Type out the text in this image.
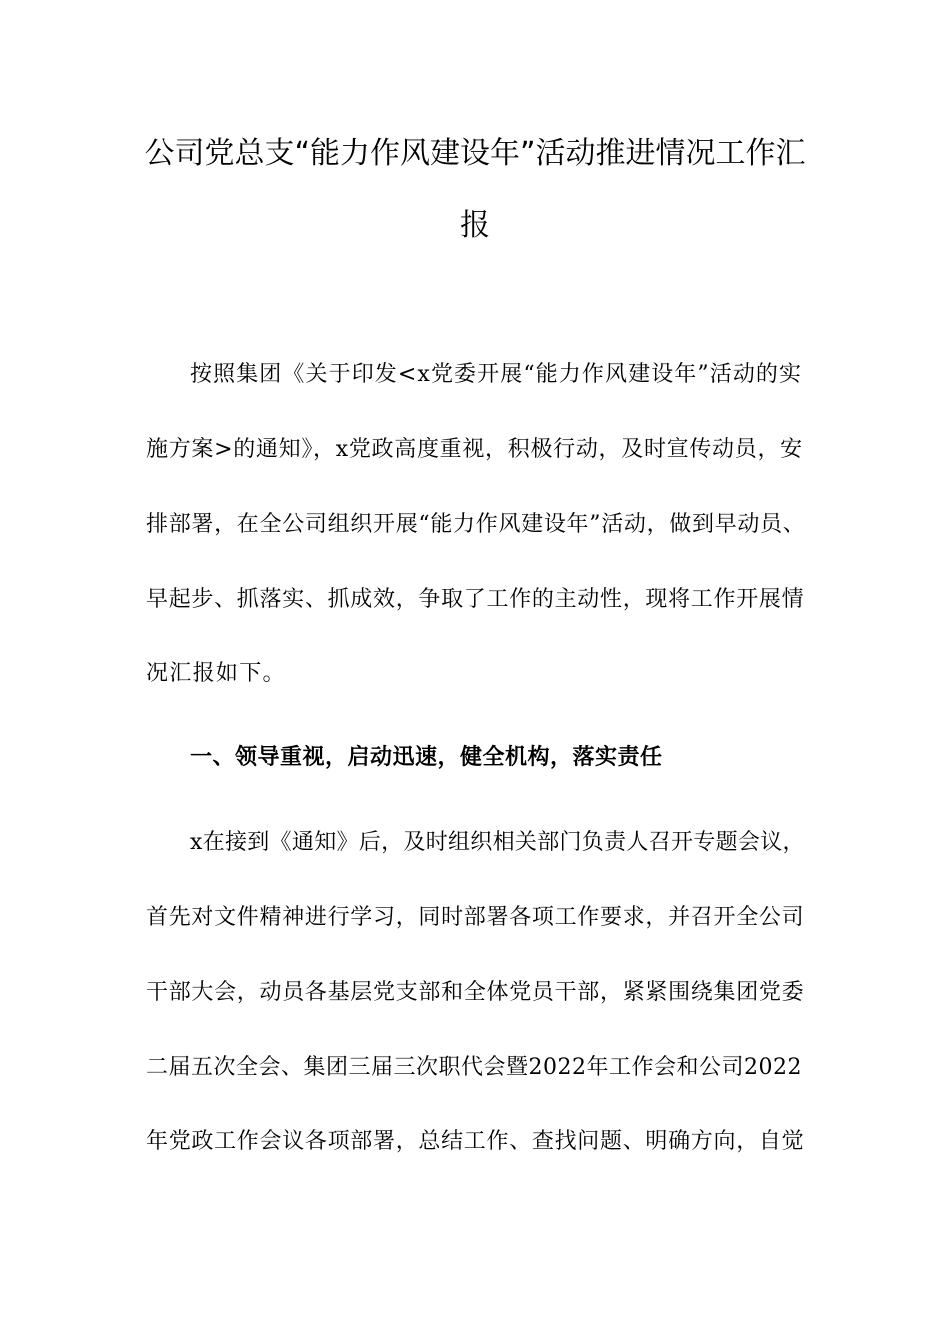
公司党总支“能力作风建设年”活动推进情况工作汇
报
按照集团《关于印发<x党委开展“能力作风建设年”活动的实
施方案>的通知》，x党政高度重视，积极行动，及时宣传动员，安
排部署，在全公司组织开展“能力作风建设年”活动，做到早动员、
早起步、抓落实、抓成效，争取了工作的主动性，现将工作开展情
况汇报如下。
一、领导重视，启动迅速，健全机构，落实责任
x在接到《通知》后，及时组织相关部门负责人召开专题会议，
首先对文件精神进行学习，同时部署各项工作要求，并召开全公司
干部大会，动员各基层党支部和全体党员干部，紧紧围绕集团党委
二届五次全会、集团三届三次职代会暨2022年工作会和公司2022
年党政工作会议各项部署，总结工作、查找问题、明确方向，自觉
